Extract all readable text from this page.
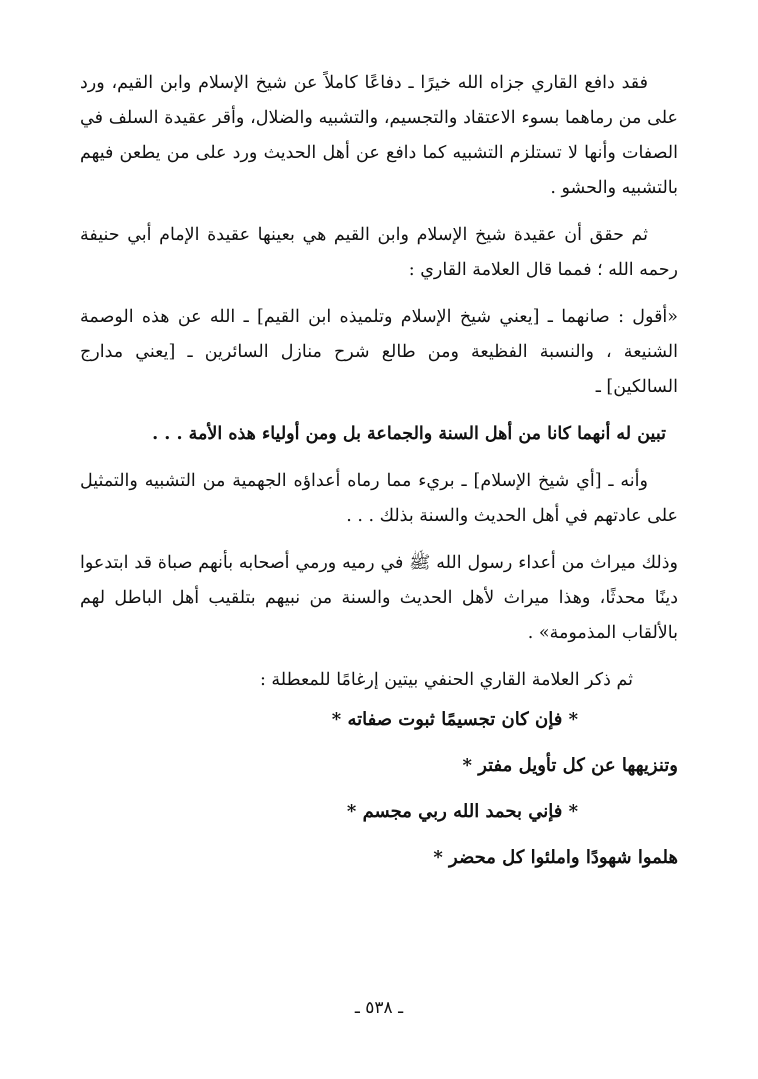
فقد دافع القاري جزاه الله خيرًا ـ دفاعًا كاملاً عن شيخ الإسلام وابن القيم، ورد على من رماهما بسوء الاعتقاد والتجسيم، والتشبيه والضلال، وأقر عقيدة السلف في الصفات وأنها لا تستلزم التشبيه كما دافع عن أهل الحديث ورد على من يطعن فيهم بالتشبيه والحشو .

ثم حقق أن عقيدة شيخ الإسلام وابن القيم هي بعينها عقيدة الإمام أبي حنيفة رحمه الله ؛ فمما قال العلامة القاري :

«أقول : صانهما ـ [يعني شيخ الإسلام وتلميذه ابن القيم] ـ الله عن هذه الوصمة الشنيعة ، والنسبة الفظيعة ومن طالع شرح منازل السائرين ـ [يعني مدارج السالكين] ـ

تبين له أنهما كانا من أهل السنة والجماعة بل ومن أولياء هذه الأمة . . .

وأنه ـ [أي شيخ الإسلام] ـ بريء مما رماه أعداؤه الجهمية من التشبيه والتمثيل على عادتهم في أهل الحديث والسنة بذلك . . .

وذلك ميراث من أعداء رسول الله ﷺ في رميه ورمي أصحابه بأنهم صباة قد ابتدعوا دينًا محدثًا، وهذا ميراث لأهل الحديث والسنة من نبيهم بتلقيب أهل الباطل لهم بالألقاب المذمومة» .

ثم ذكر العلامة القاري الحنفي بيتين إرغامًا للمعطلة :

* فإن كان تجسيمًا ثبوت صفاته *
وتنزيهها عن كل تأويل مفتر *
* فإني بحمد الله ربي مجسم *
هلموا شهودًا واملئوا كل محضر *
ـ ٥٣٨ ـ
